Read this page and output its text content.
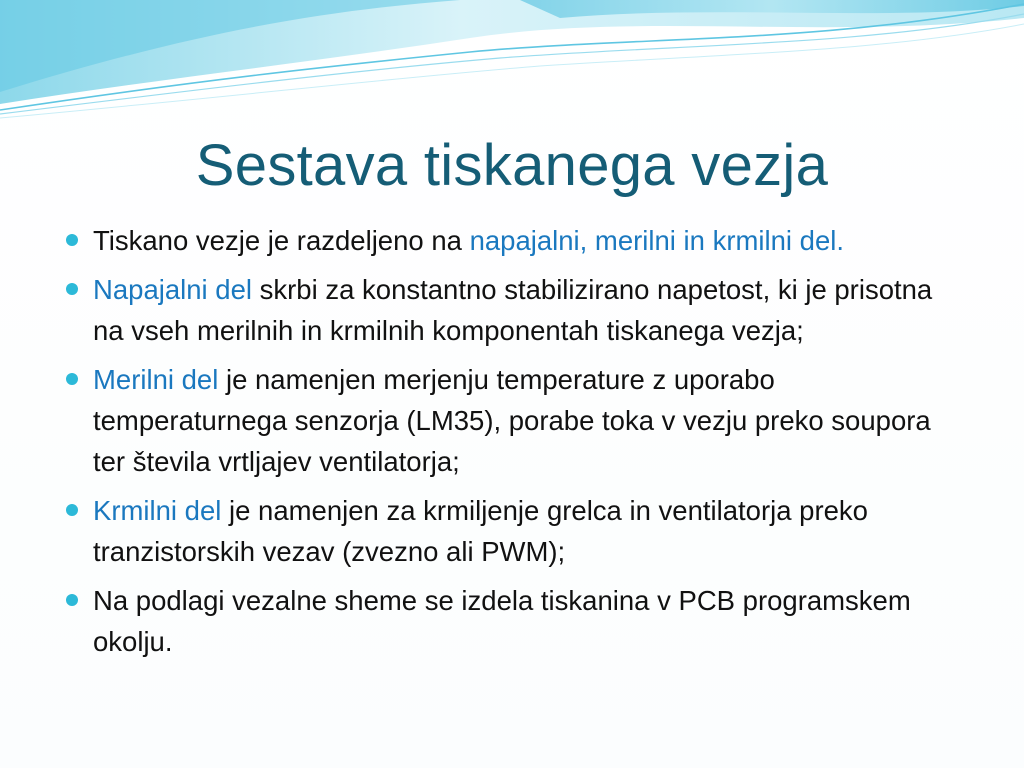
Sestava tiskanega vezja
Tiskano vezje je razdeljeno na napajalni, merilni in krmilni del.
Napajalni del skrbi za konstantno stabilizirano napetost, ki je prisotna na vseh merilnih in krmilnih komponentah tiskanega vezja;
Merilni del je namenjen merjenju temperature z uporabo temperaturnega senzorja (LM35), porabe toka v vezju preko soupora ter števila vrtljajev ventilatorja;
Krmilni del je namenjen za krmiljenje grelca in ventilatorja preko tranzistorskih vezav (zvezno ali PWM);
Na podlagi vezalne sheme se izdela tiskanina v PCB programskem okolju.
